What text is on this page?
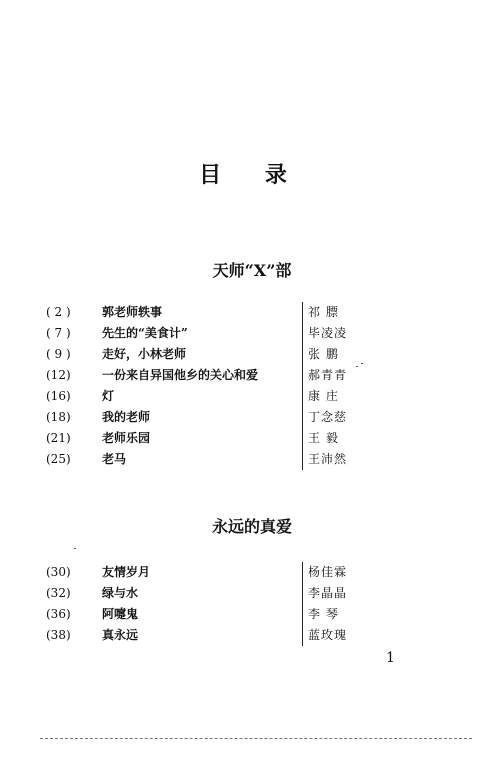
目 录
天师“X”部
( 2 )	郭老师轶事	祁 膘
( 7 )	先生的“美食计”	毕凌凌
( 9 )	走好，小林老师	张 鹏
(12)	一份来自异国他乡的关心和爱	郝青青
(16)	灯	康 庄
(18)	我的老师	丁念慈
(21)	老师乐园	王 毅
(25)	老马	王沛然
永远的真爱
(30)	友情岁月	杨佳霖
(32)	绿与水	李晶晶
(36)	阿嚏鬼	李 琴
(38)	真永远	蓝玫瑰
1
